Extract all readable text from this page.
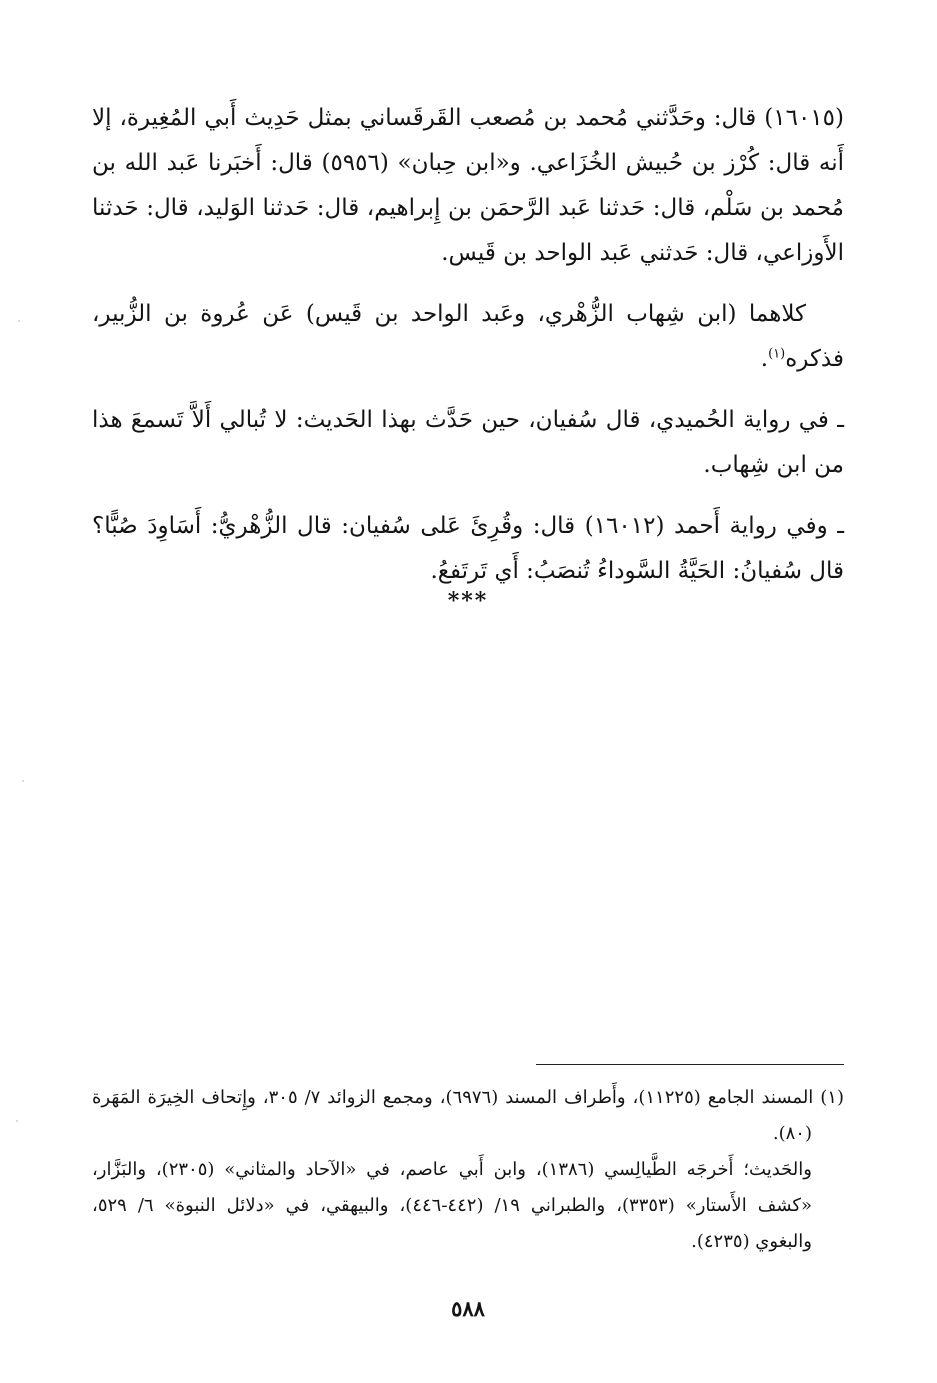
(١٦٠١٥) قال: وحَدَّثني مُحمد بن مُصعب القَرقَساني بمثل حَدِيث أَبي المُغِيرة، إلا أَنه قال: كُرْز بن حُبيش الخُزَاعي. و«ابن حِبان» (٥٩٥٦) قال: أَخبَرنا عَبد الله بن مُحمد بن سَلْم، قال: حَدثنا عَبد الرَّحمَن بن إِبراهيم، قال: حَدثنا الوَليد، قال: حَدثنا الأَوزاعي، قال: حَدثني عَبد الواحد بن قَيس.

كلاهما (ابن شِهاب الزُّهْري، وعَبد الواحد بن قَيس) عَن عُروة بن الزُّبير، فذكره$^{(١)}$.

ـ في رواية الحُميدي، قال سُفيان، حين حَدَّث بهذا الحَديث: لا تُبالي أَلاَّ تَسمعَ هذا من ابن شِهاب.

ـ وفي رواية أَحمد (١٦٠١٢) قال: وقُرِئَ عَلى سُفيان: قال الزُّهْريُّ: أَسَاوِدَ صُبًّا؟ قال سُفيانُ: الحَيَّةُ السَّوداءُ تُنصَبُ: أَي تَرتَفعُ.

***

(١) المسند الجامع (١١٢٢٥)، وأَطراف المسند (٦٩٧٦)، ومجمع الزوائد ٧/ ٣٠٥، وإِتحاف الخِيرَة المَهَرة (٨٠).

والحَديث؛ أَخرجَه الطَّيالِسي (١٣٨٦)، وابن أَبي عاصم، في «الآحاد والمثاني» (٢٣٠٥)، والبَزَّار، «كشف الأَستار» (٣٣٥٣)، والطبراني ١٩/ (٤٤٢-٤٤٦)، والبيهقي، في «دلائل النبوة» ٦/ ٥٢٩، والبغوي (٤٢٣٥).

٥٨٨
